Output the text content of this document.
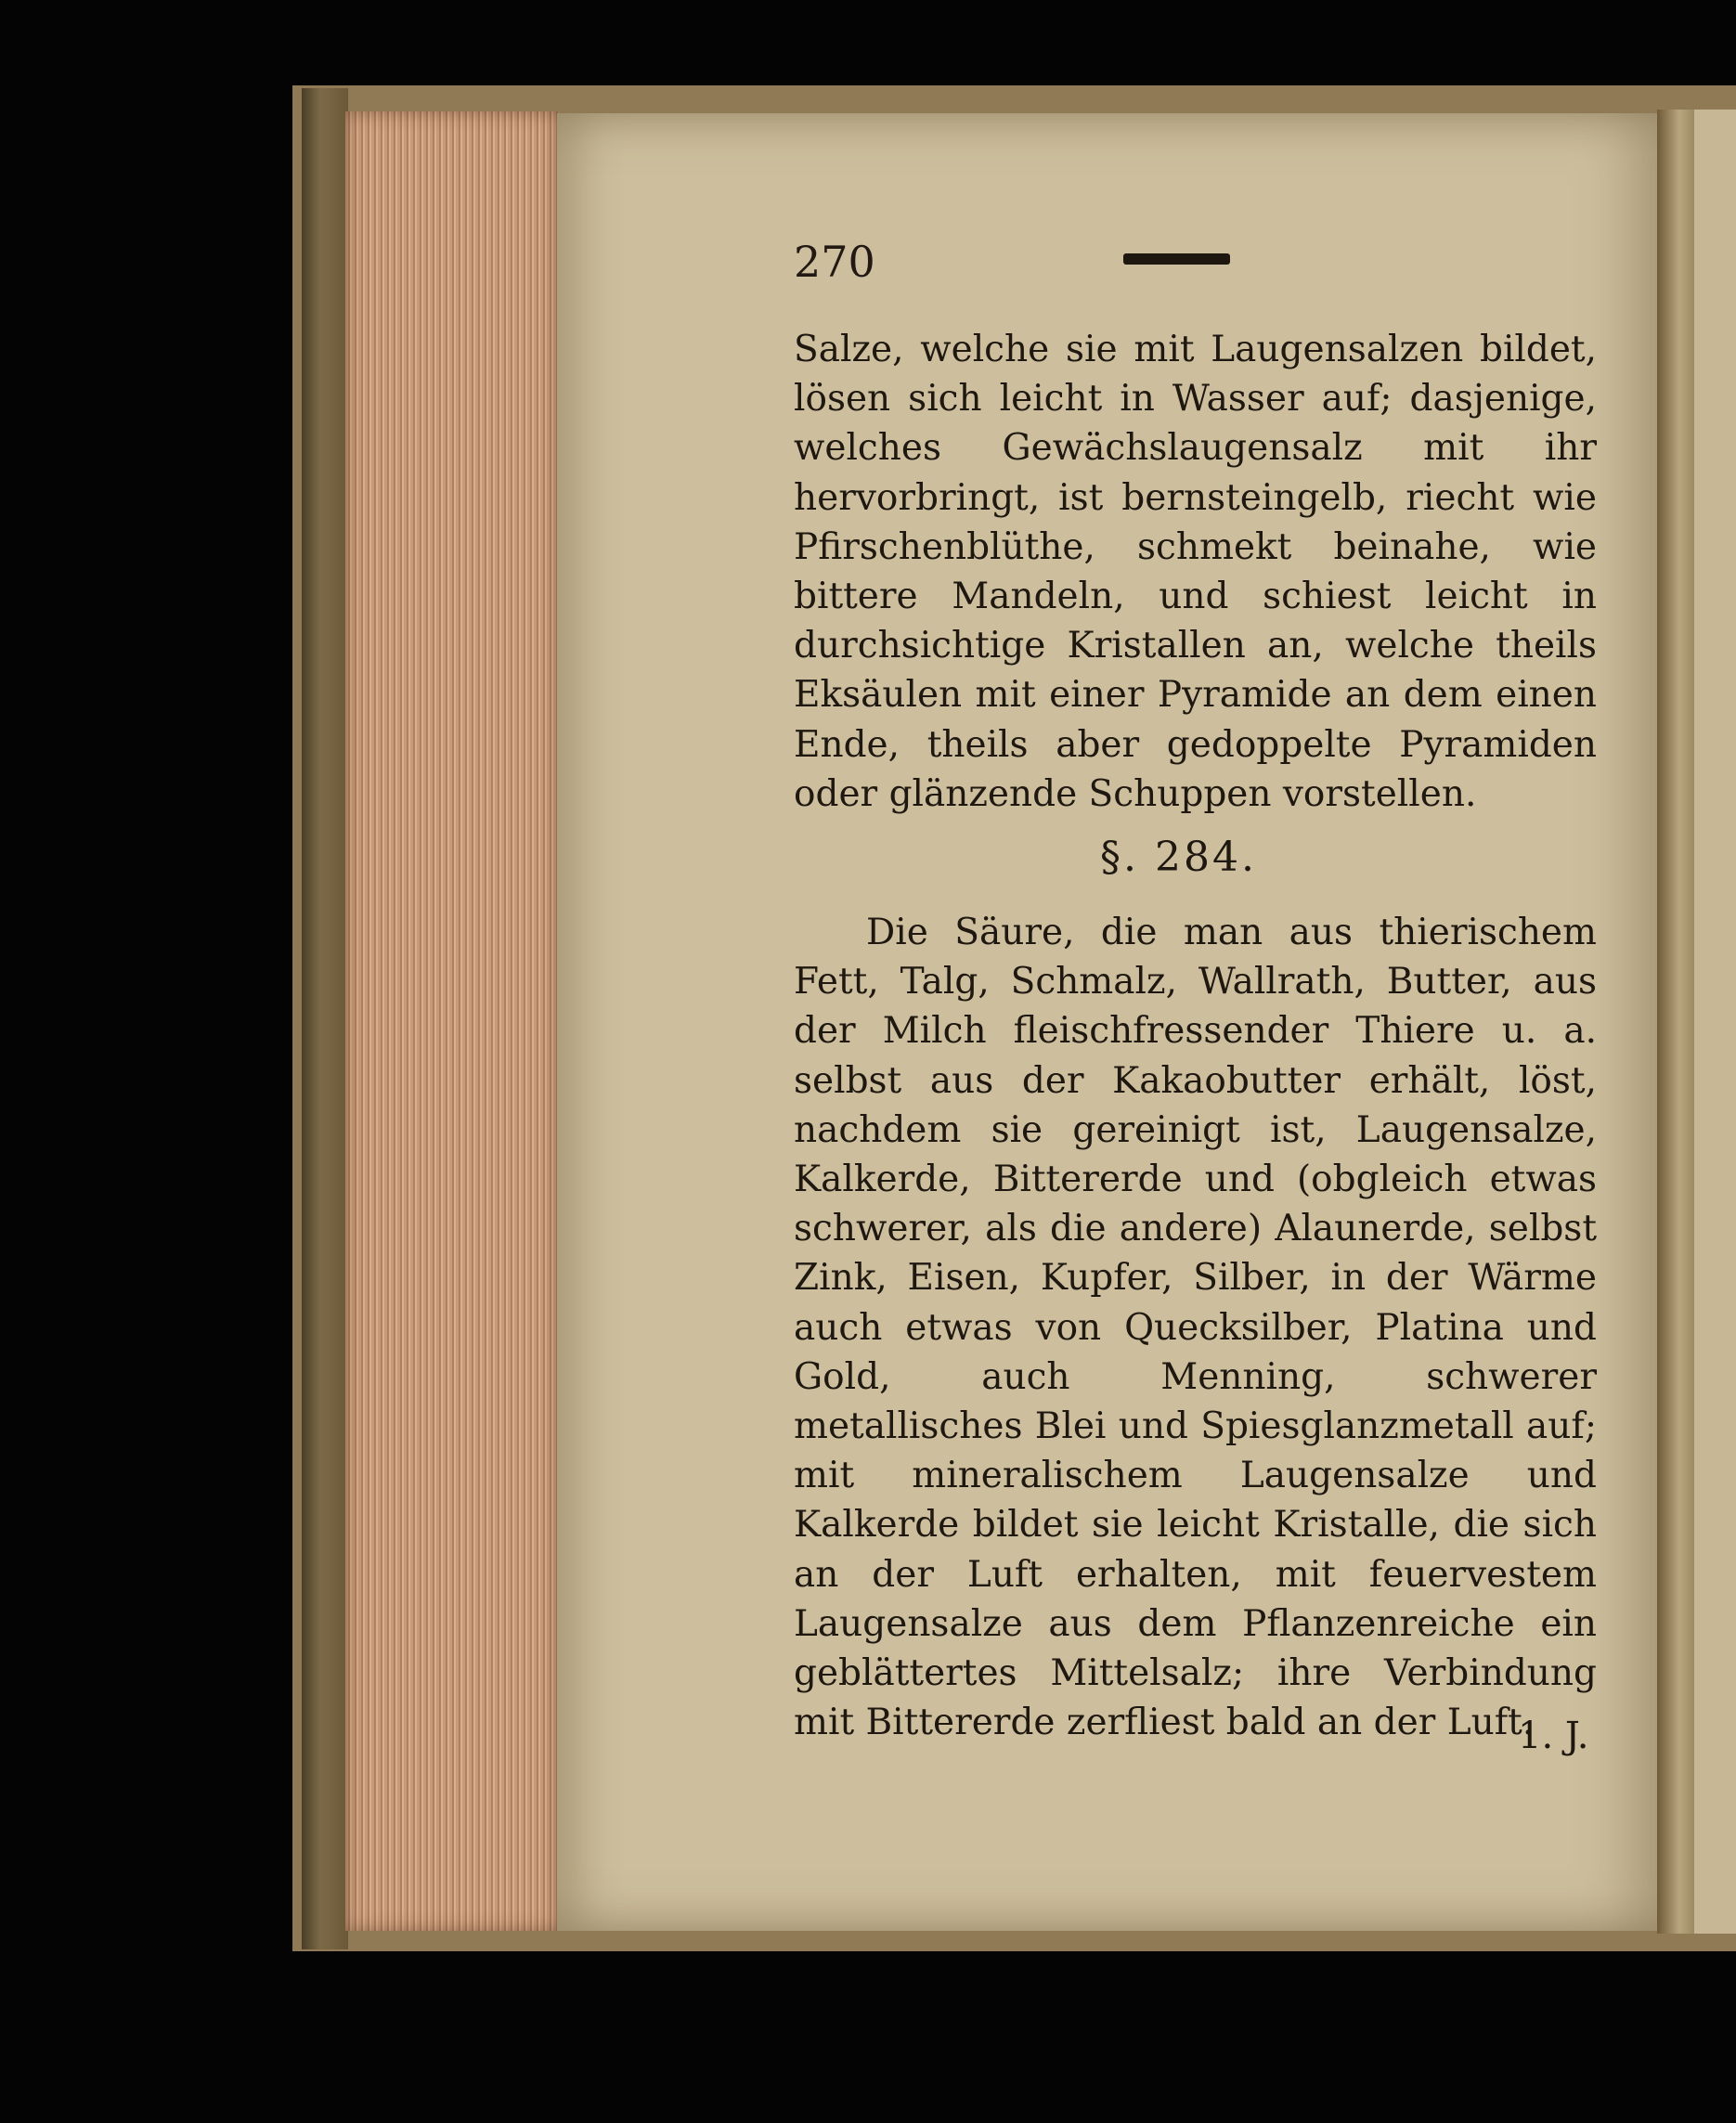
270

Salze, welche sie mit Laugensalzen bildet, lösen sich leicht in Wasser auf; dasjenige, welches Gewächslaugensalz mit ihr hervorbringt, ist bernsteingelb, riecht wie Pfirschenblüthe, schmekt beinahe, wie bittere Mandeln, und schiest leicht in durchsichtige Kristallen an, welche theils Eksäulen mit einer Pyramide an dem einen Ende, theils aber gedoppelte Pyramiden oder glänzende Schuppen vorstellen.

§. 284.

Die Säure, die man aus thierischem Fett, Talg, Schmalz, Wallrath, Butter, aus der Milch fleischfressender Thiere u. a. selbst aus der Kakaobutter erhält, löst, nachdem sie gereinigt ist, Laugensalze, Kalkerde, Bittererde und (obgleich etwas schwerer, als die andere) Alaunerde, selbst Zink, Eisen, Kupfer, Silber, in der Wärme auch etwas von Quecksilber, Platina und Gold, auch Menning, schwerer metallisches Blei und Spiesglanzmetall auf; mit mineralischem Laugensalze und Kalkerde bildet sie leicht Kristalle, die sich an der Luft erhalten, mit feuervestem Laugensalze aus dem Pflanzenreiche ein geblättertes Mittelsalz; ihre Verbindung mit Bittererde zerfliest bald an der Luft.

1. J.
